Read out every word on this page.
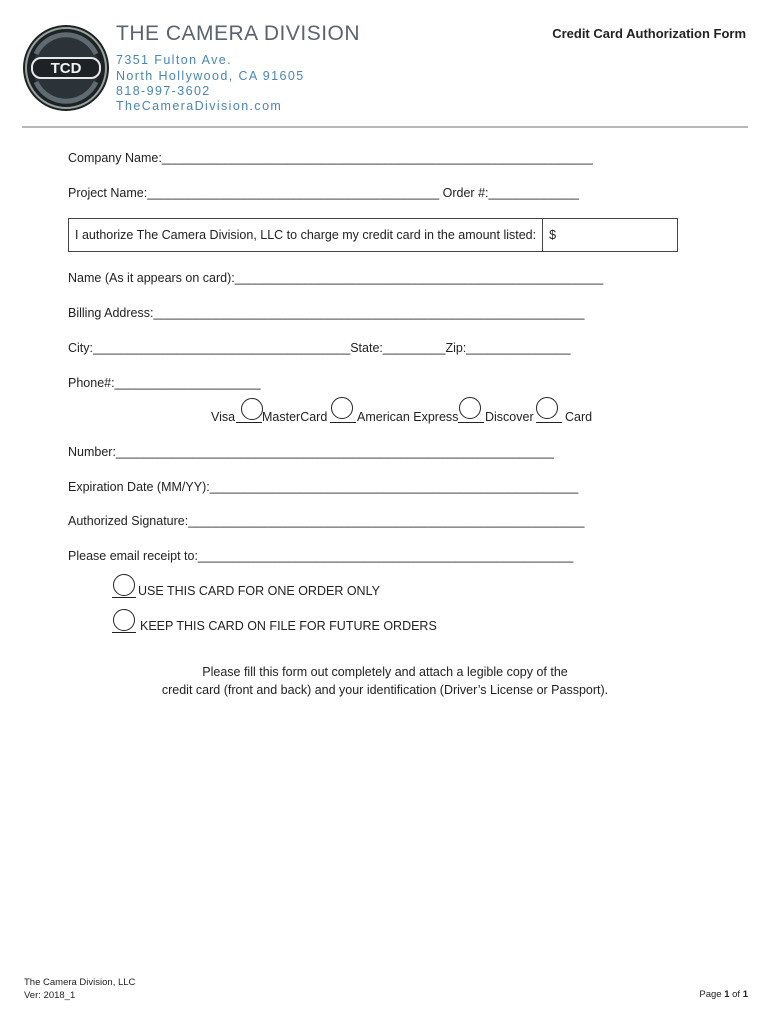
TCD
THE CAMERA DIVISION
7351 Fulton Ave.
North Hollywood, CA 91605
818-997-3602
TheCameraDivision.com
Credit Card Authorization Form
Company Name:______________________________________________________________
Project Name:__________________________________________ Order #:_____________
I authorize The Camera Division, LLC to charge my credit card in the amount listed:	$
Name (As it appears on card):_____________________________________________________
Billing Address:______________________________________________________________
City:_____________________________________State:_________Zip:_______________
Phone#:_____________________
Visa MasterCard American Express Discover	Card
Number:_______________________________________________________________
Expiration Date (MM/YY):_____________________________________________________
Authorized Signature:_________________________________________________________
Please email receipt to:______________________________________________________
USE THIS CARD FOR ONE ORDER ONLY
KEEP THIS CARD ON FILE FOR FUTURE ORDERS
Please fill this form out completely and attach a legible copy of the
credit card (front and back) and your identification (Driver’s License or Passport).
The Camera Division, LLC
Ver: 2018_1	Page 1 of 1
